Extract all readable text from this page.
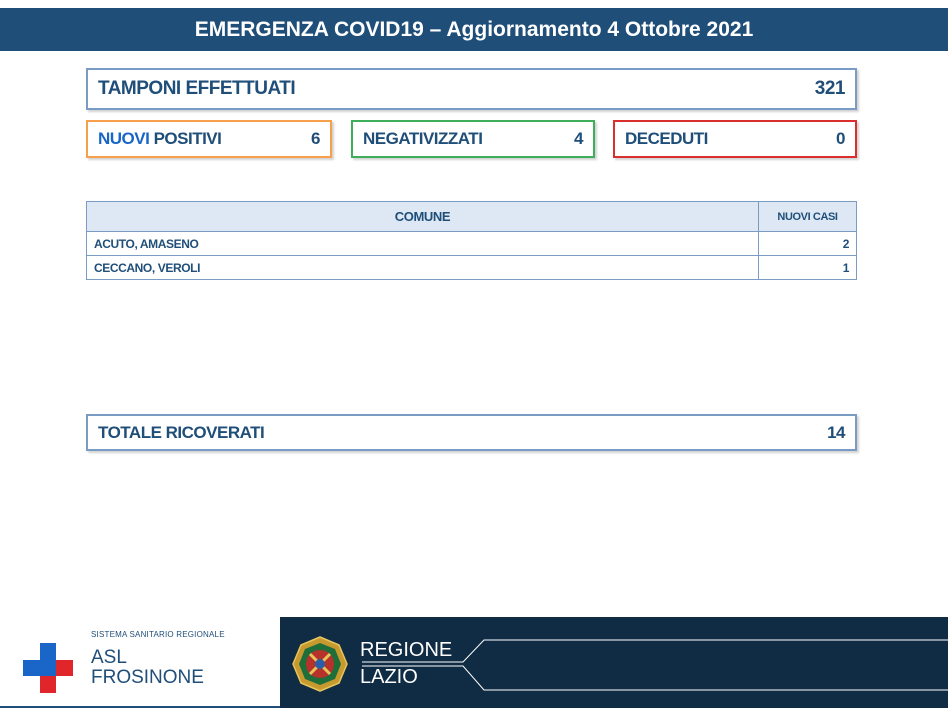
EMERGENZA COVID19 – Aggiornamento 4 Ottobre 2021
TAMPONI EFFETTUATI	321
NUOVI POSITIVI	6	NEGATIVIZZATI	4 DECEDUTI	0
COMUNE	NUOVI CASI
ACUTO, AMASENO	2
CECCANO, VEROLI	1
TOTALE RICOVERATI	14
SISTEMA SANITARIO REGIONALE
ASL
FROSINONE
REGIONE
LAZIO
